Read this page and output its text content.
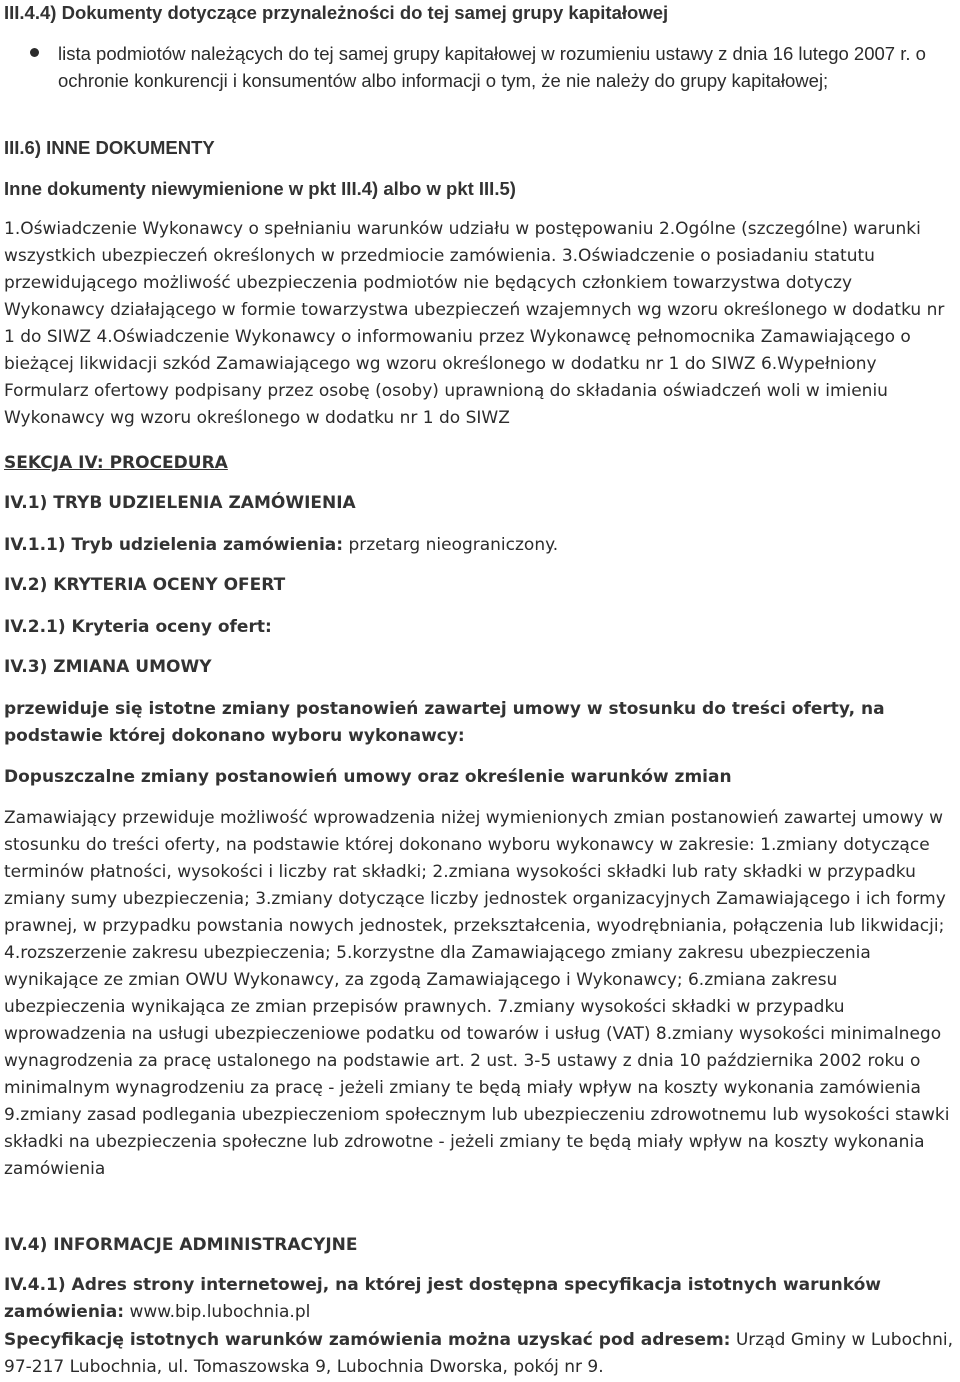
III.4.4) Dokumenty dotyczące przynależności do tej samej grupy kapitałowej
lista podmiotów należących do tej samej grupy kapitałowej w rozumieniu ustawy z dnia 16 lutego 2007 r. o ochronie konkurencji i konsumentów albo informacji o tym, że nie należy do grupy kapitałowej;
III.6) INNE DOKUMENTY
Inne dokumenty niewymienione w pkt III.4) albo w pkt III.5)
1.Oświadczenie Wykonawcy o spełnianiu warunków udziału w postępowaniu 2.Ogólne (szczególne) warunki wszystkich ubezpieczeń określonych w przedmiocie zamówienia. 3.Oświadczenie o posiadaniu statutu przewidującego możliwość ubezpieczenia podmiotów nie będących członkiem towarzystwa dotyczy Wykonawcy działającego w formie towarzystwa ubezpieczeń wzajemnych wg wzoru określonego w dodatku nr 1 do SIWZ 4.Oświadczenie Wykonawcy o informowaniu przez Wykonawcę pełnomocnika Zamawiającego o bieżącej likwidacji szkód Zamawiającego wg wzoru określonego w dodatku nr 1 do SIWZ 6.Wypełniony Formularz ofertowy podpisany przez osobę (osoby) uprawnioną do składania oświadczeń woli w imieniu Wykonawcy wg wzoru określonego w dodatku nr 1 do SIWZ
SEKCJA IV: PROCEDURA
IV.1) TRYB UDZIELENIA ZAMÓWIENIA
IV.1.1) Tryb udzielenia zamówienia: przetarg nieograniczony.
IV.2) KRYTERIA OCENY OFERT
IV.2.1) Kryteria oceny ofert:
IV.3) ZMIANA UMOWY
przewiduje się istotne zmiany postanowień zawartej umowy w stosunku do treści oferty, na podstawie której dokonano wyboru wykonawcy:
Dopuszczalne zmiany postanowień umowy oraz określenie warunków zmian
Zamawiający przewiduje możliwość wprowadzenia niżej wymienionych zmian postanowień zawartej umowy w stosunku do treści oferty, na podstawie której dokonano wyboru wykonawcy w zakresie: 1.zmiany dotyczące terminów płatności, wysokości i liczby rat składki; 2.zmiana wysokości składki lub raty składki w przypadku zmiany sumy ubezpieczenia; 3.zmiany dotyczące liczby jednostek organizacyjnych Zamawiającego i ich formy prawnej, w przypadku powstania nowych jednostek, przekształcenia, wyodrębniania, połączenia lub likwidacji; 4.rozszerzenie zakresu ubezpieczenia; 5.korzystne dla Zamawiającego zmiany zakresu ubezpieczenia wynikające ze zmian OWU Wykonawcy, za zgodą Zamawiającego i Wykonawcy; 6.zmiana zakresu ubezpieczenia wynikająca ze zmian przepisów prawnych. 7.zmiany wysokości składki w przypadku wprowadzenia na usługi ubezpieczeniowe podatku od towarów i usług (VAT) 8.zmiany wysokości minimalnego wynagrodzenia za pracę ustalonego na podstawie art. 2 ust. 3-5 ustawy z dnia 10 października 2002 roku o minimalnym wynagrodzeniu za pracę - jeżeli zmiany te będą miały wpływ na koszty wykonania zamówienia 9.zmiany zasad podlegania ubezpieczeniom społecznym lub ubezpieczeniu zdrowotnemu lub wysokości stawki składki na ubezpieczenia społeczne lub zdrowotne - jeżeli zmiany te będą miały wpływ na koszty wykonania zamówienia
IV.4) INFORMACJE ADMINISTRACYJNE
IV.4.1) Adres strony internetowej, na której jest dostępna specyfikacja istotnych warunków zamówienia: www.bip.lubochnia.pl
Specyfikację istotnych warunków zamówienia można uzyskać pod adresem: Urząd Gminy w Lubochni, 97-217 Lubochnia, ul. Tomaszowska 9, Lubochnia Dworska, pokój nr 9.
